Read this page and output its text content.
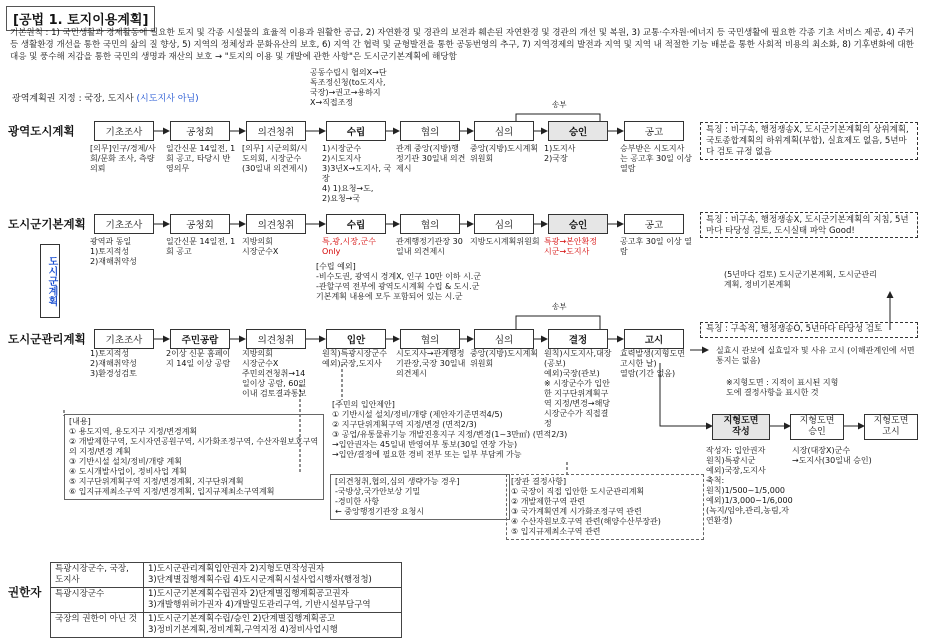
[공법 1. 토지이용계획]
기본원칙 : 1) 국민생활과 경제활동에 필요한 토지 및 각종 시설물의 효율적 이용과 원활한 공급, 2) 자연환경 및 경관의 보전과 훼손된 자연환경 및 경관의 개선 및 복원, 3) 교통·수자원·에너지 등 국민생활에 필요한 각종 기초 서비스 제공, 4) 주거 등 생활환경 개선을 통한 국민의 삶의 질 향상, 5) 지역의 정체성과 문화유산의 보호, 6) 지역 간 협력 및 균형발전을 통한 공동번영의 추구, 7) 지역경제의 발전과 지역 및 지역 내 적절한 기능 배분을 통한 사회적 비용의 최소화, 8) 기후변화에 대한 대응 및 풍수해 저감을 통한 국민의 생명과 재산의 보호 → "토지의 이용 및 개발에 관한 사항"은 도시군기본계획에 해당함
광역계획권 지정 : 국장, 도지사 (시도지사 아님)
광역도시계획
공동수립시 협의X→단독조정신청(to도지사,국장)→권고→용하지X→직접조정	송부
특징 : 비구속, 행정쟁송X, 도시군기본계획의 상위계획, 국토종합계획의 하위계획(부합), 실효제도 없음, 5년마다 검토 규정 없음
도시군기본계획
도시군계획
특징 : 비구속, 행정쟁송X, 도시군기본계획의 지침, 5년마다 타당성 검토, 도시실태 파악 Good!
[수립 예외]
-비수도권, 광역시 경계X, 인구 10만 이하 시.군
-관할구역 전부에 광역도시계획 수립 & 도시.군
기본계획 내용에 모두 포함되어 있는 시.군
(5년마다 검토) 도시군기본계획, 도시군관리계획, 정비기본계획
도시군관리계획
송부
특징 : 구속적, 행정쟁송O, 5년마다 타당성 검토
실효시 관보에 실효일자 및 사유 고시 (이해관계인에 서면통지는 없음)
기초조사
[의무]인구/경제/사회/문화 조사, 측량의뢰
공청회
일간신문 14일전, 1회 공고, 타당시 반영의무
의견청취
[의무] 시군의회/시도의회, 시장군수 (30일내 의견제시)
수립
1)시장군수
2)시도지사
3)3년X→도지사, 국장
4) 1)요청→도,
2)요청→국
협의
관계 중앙(지방)행정기관 30일내 의견제시
심의
중앙(지방)도시계획위원회
승인
1)도지사
2)국장
공고
승부받은 시도지사는 공고후 30일 이상 열람
기초조사
광역과 동일
1)토지적성
2)재해취약성
공청회
일간신문 14일전, 1회 공고
의견청취
지방의회
시장군수X
수립
특,광,시장,군수 Only
협의
관계행정기관장 30일내 의견제시
심의
지방도시계획위원회
승인
특광→본안확정
시군→도지사
공고
공고후 30일 이상 열람
기초조사
1)토지적성
2)재해취약성
3)환경성검토
주민공람
2이상 신문 홈페이지 14일 이상 공람
의견청취
지방의회
시장군수X
주민의견청취→14일이상 공람, 60일이내 검토결과통보
입안
원칙)특광시장군수
예외)국장,도지사
협의
시도지사→관계행정기관장,국장 30일내 의견제시
심의
중앙(지방)도시계획위원회
결정
원칙)시도지사,대장(공보)
예외)국장(관보)
※ 시장군수가 입안한 지구단위계획구역 지정/변경→해당 시장군수가 직접결정
고시
효력발생(지형도면고시한 날)
열람(기간 없음)
[내용]
① 용도지역, 용도지구 지정/변경계획
② 개발제한구역, 도시자연공원구역, 시가화조정구역, 수산자원보호구역의 지정/변경 계획
③ 기반시설 설치/정비/개량 계획
④ 도시개발사업이, 정비사업 계획
⑤ 지구단위계획구역 지정/변경계획, 지구단위계획
⑥ 입지규제최소구역 지정/변경계획, 입지규제최소구역계획
[주민의 입안제안]
① 기반시설 설치/정비/개량 (제안자기준면적4/5)
② 지구단위계획구역 지정/변경 (면적2/3)
③ 공업/유통물류기능 개발진흥지구 지정/변경(1~3만㎡) (면적2/3)
→입안권자는 45일내 반영여부 통보(30일 연장 가능)
→입안/결정에 필요한 경비 전부 또는 일부 부담케 가능
[의견청취,협의,심의 생략가능 경우]
-국방상,국가안보상 기밀
-경미한 사항
← 중앙행정기관장 요청시
[장관 결정사항]
① 국장이 직접 입안한 도시군관리계획
② 개발제한구역 관련
③ 국가계획연계 시가화조정구역 관련
④ 수산자원보호구역 관련(해양수산부장관)
⑤ 입지규제최소구역 관련
※지형도면 : 지적이 표시된 지형도에 결정사항을 표시한 것
지형도면
작성
지형도면
승인
지형도면
고시
작성자: 입안권자
원칙)특광시군
예외)국장,도지사
축척:
원칙)1/500~1/5,000
예외)1/3,000~1/6,000
(녹지/임야,관리,농림,자연환경)
시장(대장X)군수
→도지사(30일내 승인)
권한자
특광시장군수, 국장, 도지사	1)도시군관리계획입안권자 2)지형도면작성권자
3)단계별집행계획수립 4)도시군계획시설사업시행자(행정청)
특광시장군수	1)도시군기본계획수립권자 2)단계별집행계획공고권자
3)개발행위허가권자 4)개발밀도관리구역, 기반시설부담구역
국장의 권한이 아닌 것	1)도시군기본계획수립/승인 2)단계별집행계획공고
3)정비기본계획,정비계획,구역지정 4)정비사업시행
